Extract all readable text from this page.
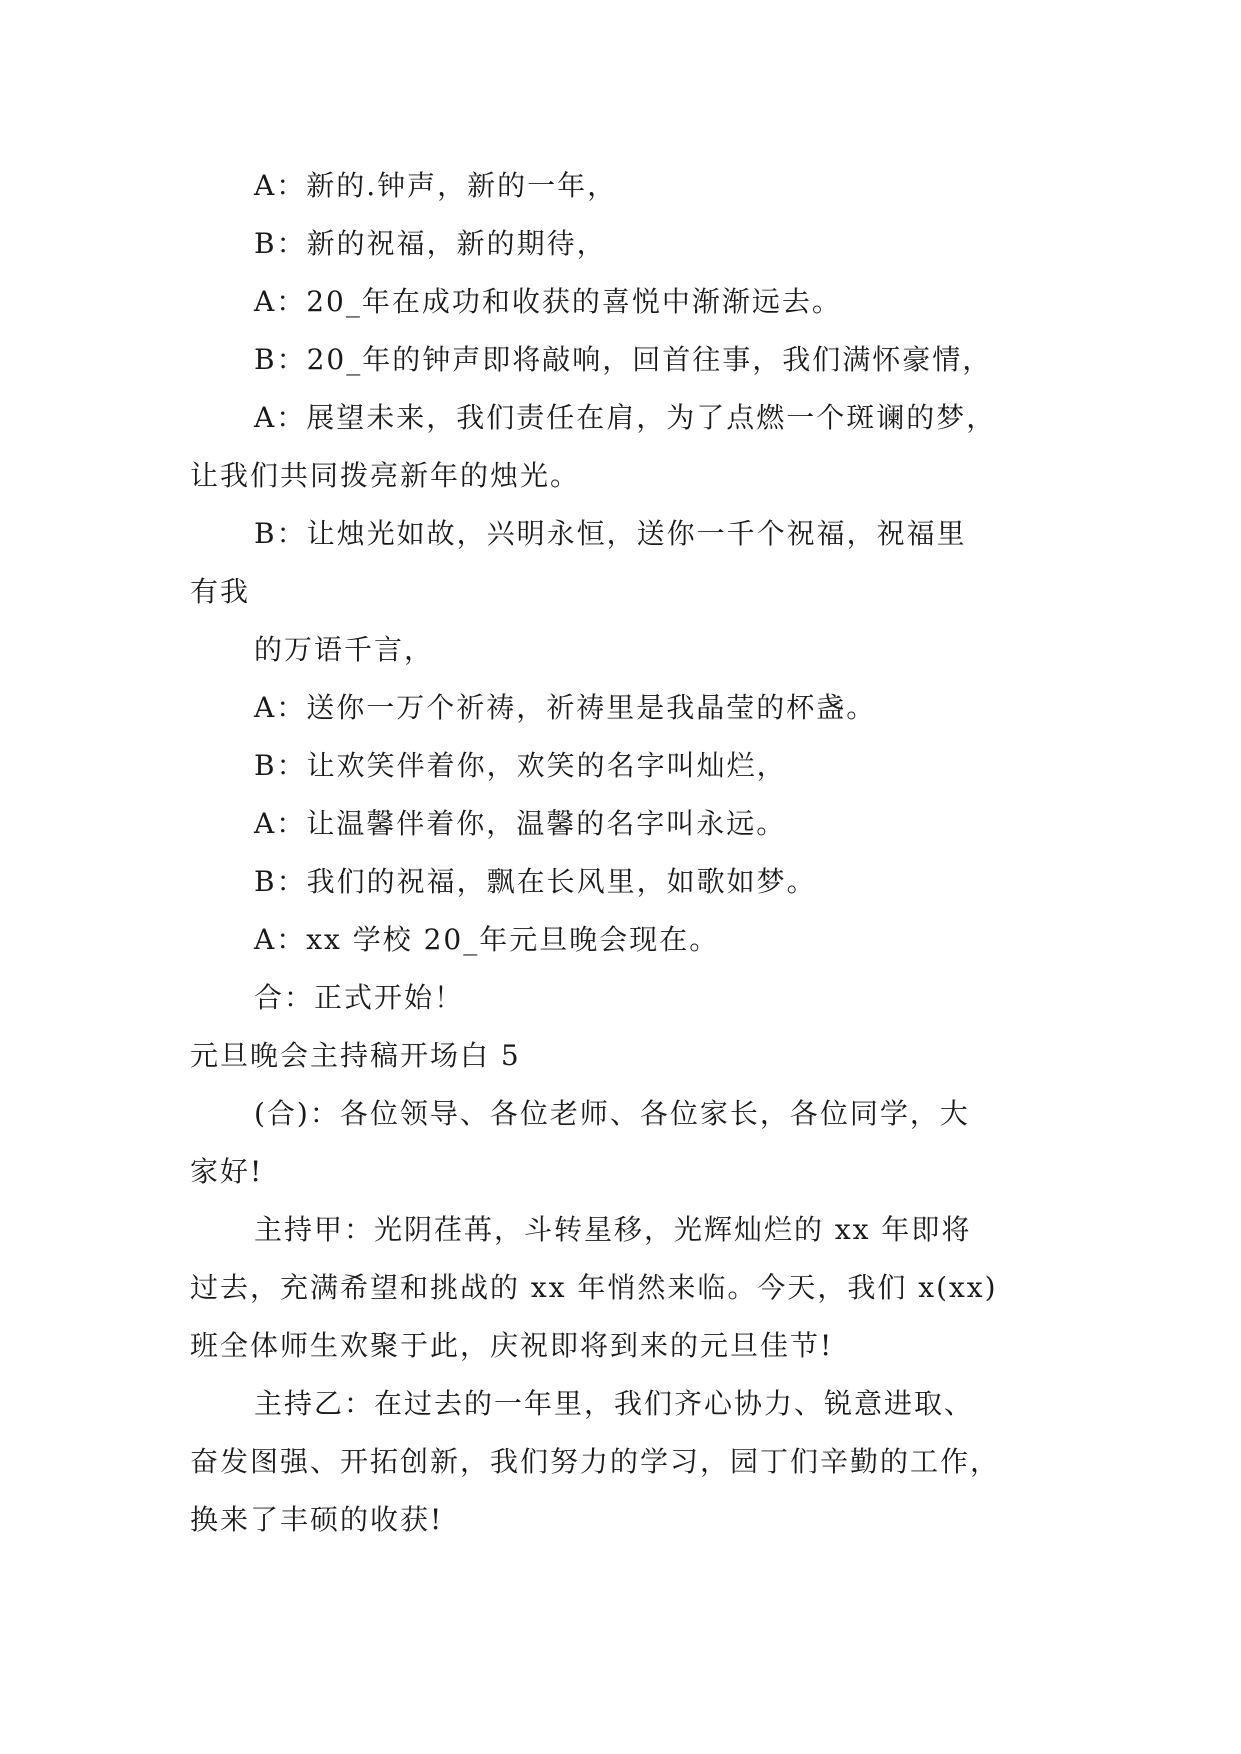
A：新的.钟声，新的一年，
B：新的祝福，新的期待，
A：20_年在成功和收获的喜悦中渐渐远去。
B：20_年的钟声即将敲响，回首往事，我们满怀豪情，
A：展望未来，我们责任在肩，为了点燃一个斑谰的梦，
让我们共同拨亮新年的烛光。
B：让烛光如故，兴明永恒，送你一千个祝福，祝福里
有我
的万语千言，
A：送你一万个祈祷，祈祷里是我晶莹的杯盏。
B：让欢笑伴着你，欢笑的名字叫灿烂，
A：让温馨伴着你，温馨的名字叫永远。
B：我们的祝福，飘在长风里，如歌如梦。
A：xx 学校 20_年元旦晚会现在。
合：正式开始！
元旦晚会主持稿开场白 5
(合)：各位领导、各位老师、各位家长，各位同学，大
家好!
主持甲：光阴荏苒，斗转星移，光辉灿烂的 xx 年即将
过去，充满希望和挑战的 xx 年悄然来临。今天，我们 x(xx)
班全体师生欢聚于此，庆祝即将到来的元旦佳节!
主持乙：在过去的一年里，我们齐心协力、锐意进取、
奋发图强、开拓创新，我们努力的学习，园丁们辛勤的工作，
换来了丰硕的收获!
